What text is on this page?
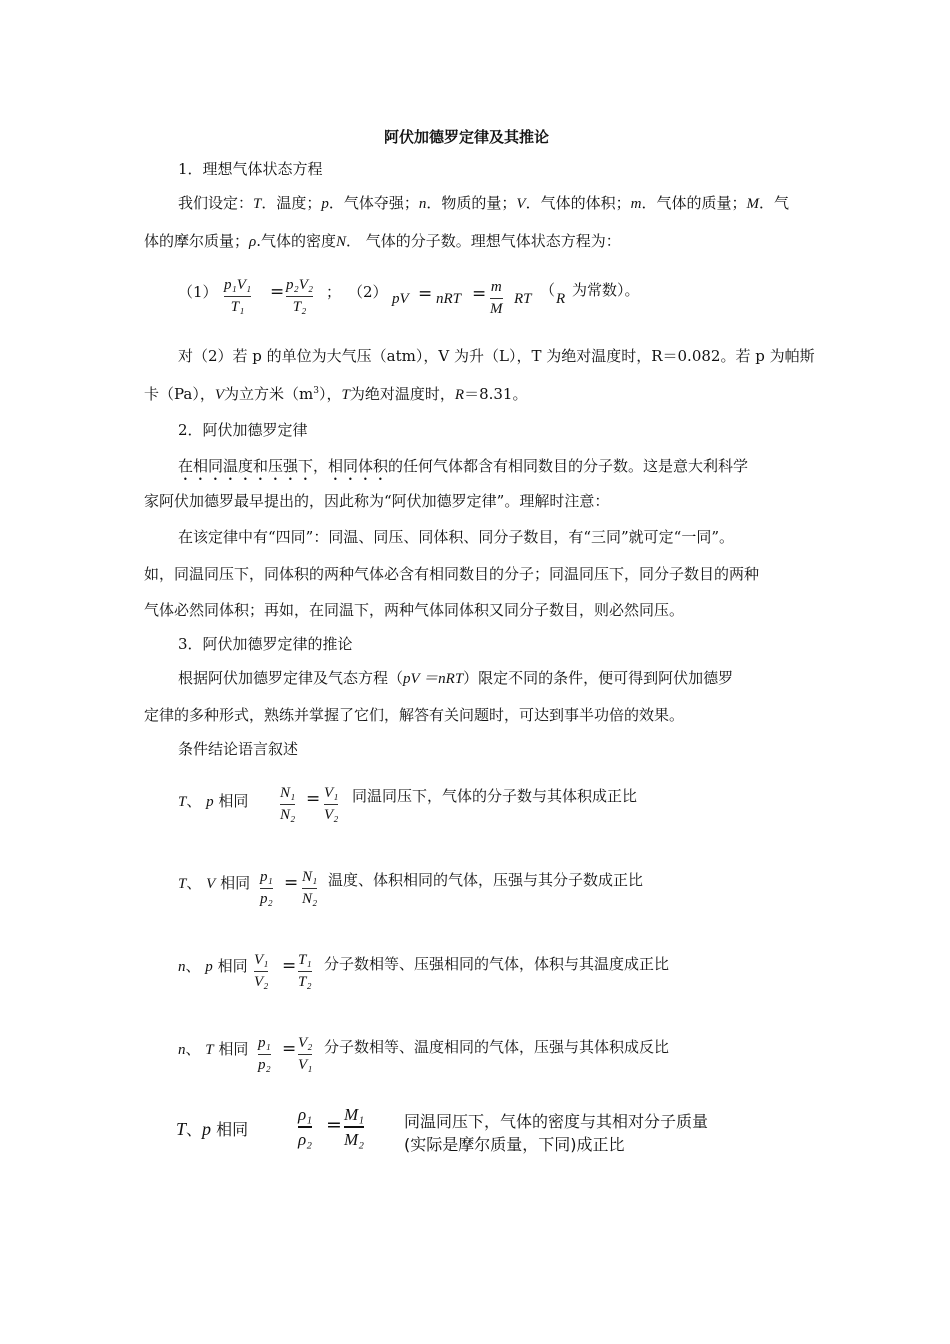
阿伏加德罗定律及其推论
1．理想气体状态方程
我们设定：T．温度；p．气体夺强；n．物质的量；V．气体的体积；m．气体的质量；M．气
体的摩尔质量；ρ.气体的密度N． 气体的分子数。理想气体状态方程为：
（1） p₁V₁
T₁
= p₂V₂
T₂
； （2） pV = nRT = m
M
RT （ R 为常数）。
对（2）若 p 的单位为大气压（atm），V 为升（L），T 为绝对温度时，R＝0.082。若 p 为帕斯
卡（Pa），V为立方米$(m^3)$，T为绝对温度时，R＝8.31。
2．阿伏加德罗定律
在相同温度和压强下，相同体积的任何气体都含有相同数目的分子数。这是意大利科学
家阿伏加德罗最早提出的，因此称为“阿伏加德罗定律”。理解时注意：
在该定律中有“四同”：同温、同压、同体积、同分子数目，有“三同”就可定“一同”。
如，同温同压下，同体积的两种气体必含有相同数目的分子；同温同压下，同分子数目的两种
气体必然同体积；再如，在同温下，两种气体同体积又同分子数目，则必然同压。
3．阿伏加德罗定律的推论
根据阿伏加德罗定律及气态方程（pV ＝nRT）限定不同的条件，便可得到阿伏加德罗
定律的多种形式，熟练并掌握了它们，解答有关问题时，可达到事半功倍的效果。
条件结论语言叙述
T、 p 相同 N₁
N₂
= V₁
V₂
同温同压下，气体的分子数与其体积成正比
T、 V 相同 p₁
p₂
= N₁
N₂
温度、体积相同的气体，压强与其分子数成正比
n、 p 相同 V₁
V₂
= T₁
T₂
分子数相等、压强相同的气体，体积与其温度成正比
n、 T 相同 p₁
p₂
= V₂
V₁
分子数相等、温度相同的气体，压强与其体积成反比
T、p 相同
ρ₁
ρ₂
= M₁
M₂
同温同压下，气体的密度与其相对分子质量
(实际是摩尔质量，下同)成正比
